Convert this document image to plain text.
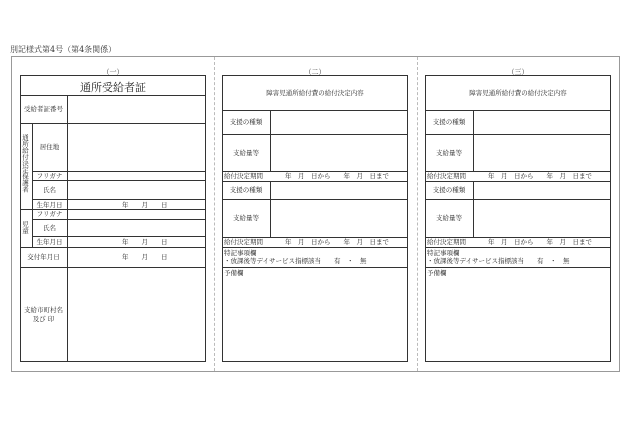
別記様式第4号（第4条関係）
（一）
通所受給者証
受給者証番号
通所給付決定保護者	居住地
フリガナ
氏名
生年月日	年　　月　　日
児童
フリガナ
氏名
生年月日	年　　月　　日
交付年月日	年　　月　　日
支給市町村名
及び 印
（二）
障害児通所給付費の給付決定内容
支援の種類
支給量等
給付決定期間	年　月　日から　　年　月　日まで
支援の種類
支給量等
給付決定期間	年　月　日から　　年　月　日まで
特記事項欄
・放課後等デイサービス指標該当　　有　・　無
予備欄
（三）
障害児通所給付費の給付決定内容
支援の種類
支給量等
給付決定期間	年　月　日から　　年　月　日まで
支援の種類
支給量等
給付決定期間	年　月　日から　　年　月　日まで
特記事項欄
・放課後等デイサービス指標該当　　有　・　無
予備欄
